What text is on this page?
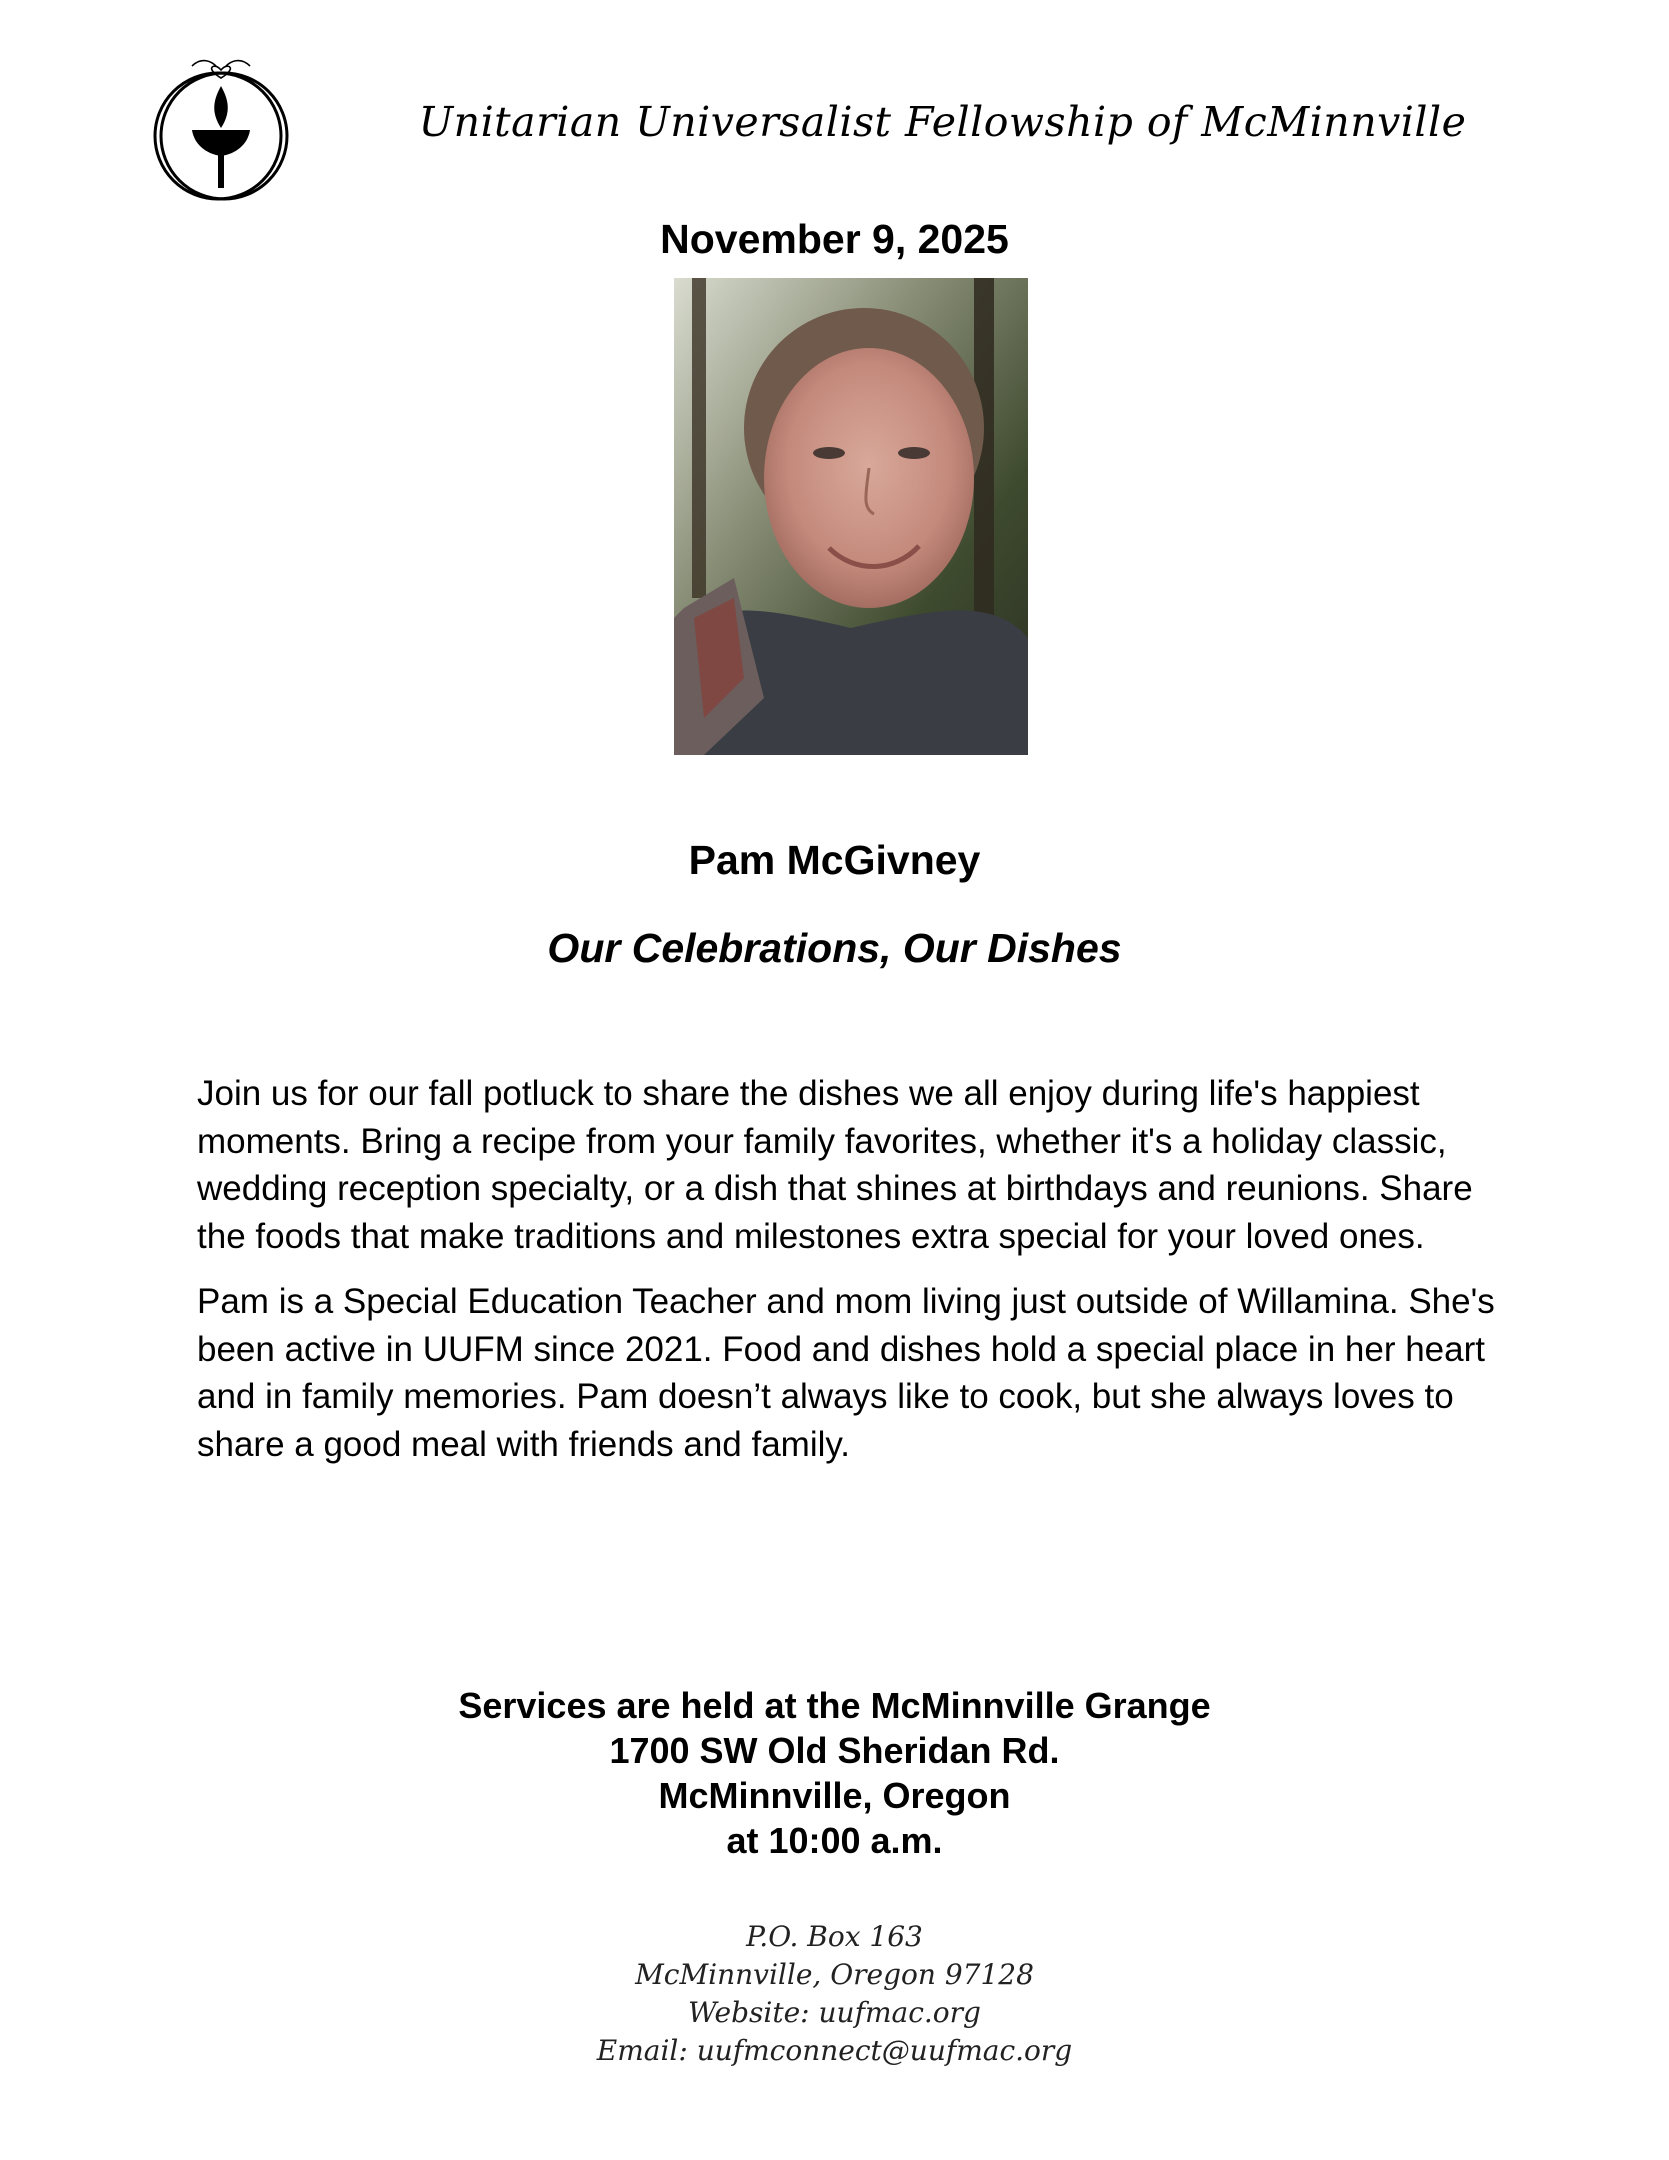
Unitarian Universalist Fellowship of McMinnville
November 9, 2025
Pam McGivney
Our Celebrations, Our Dishes

Join us for our fall potluck to share the dishes we all enjoy during life's happiest moments. Bring a recipe from your family favorites, whether it's a holiday classic, wedding reception specialty, or a dish that shines at birthdays and reunions. Share the foods that make traditions and milestones extra special for your loved ones.

Pam is a Special Education Teacher and mom living just outside of Willamina. She's been active in UUFM since 2021. Food and dishes hold a special place in her heart and in family memories. Pam doesn’t always like to cook, but she always loves to share a good meal with friends and family.

Services are held at the McMinnville Grange
1700 SW Old Sheridan Rd.
McMinnville, Oregon
at 10:00 a.m.
P.O. Box 163
McMinnville, Oregon 97128
Website: uufmac.org
Email: uufmconnect@uufmac.org
